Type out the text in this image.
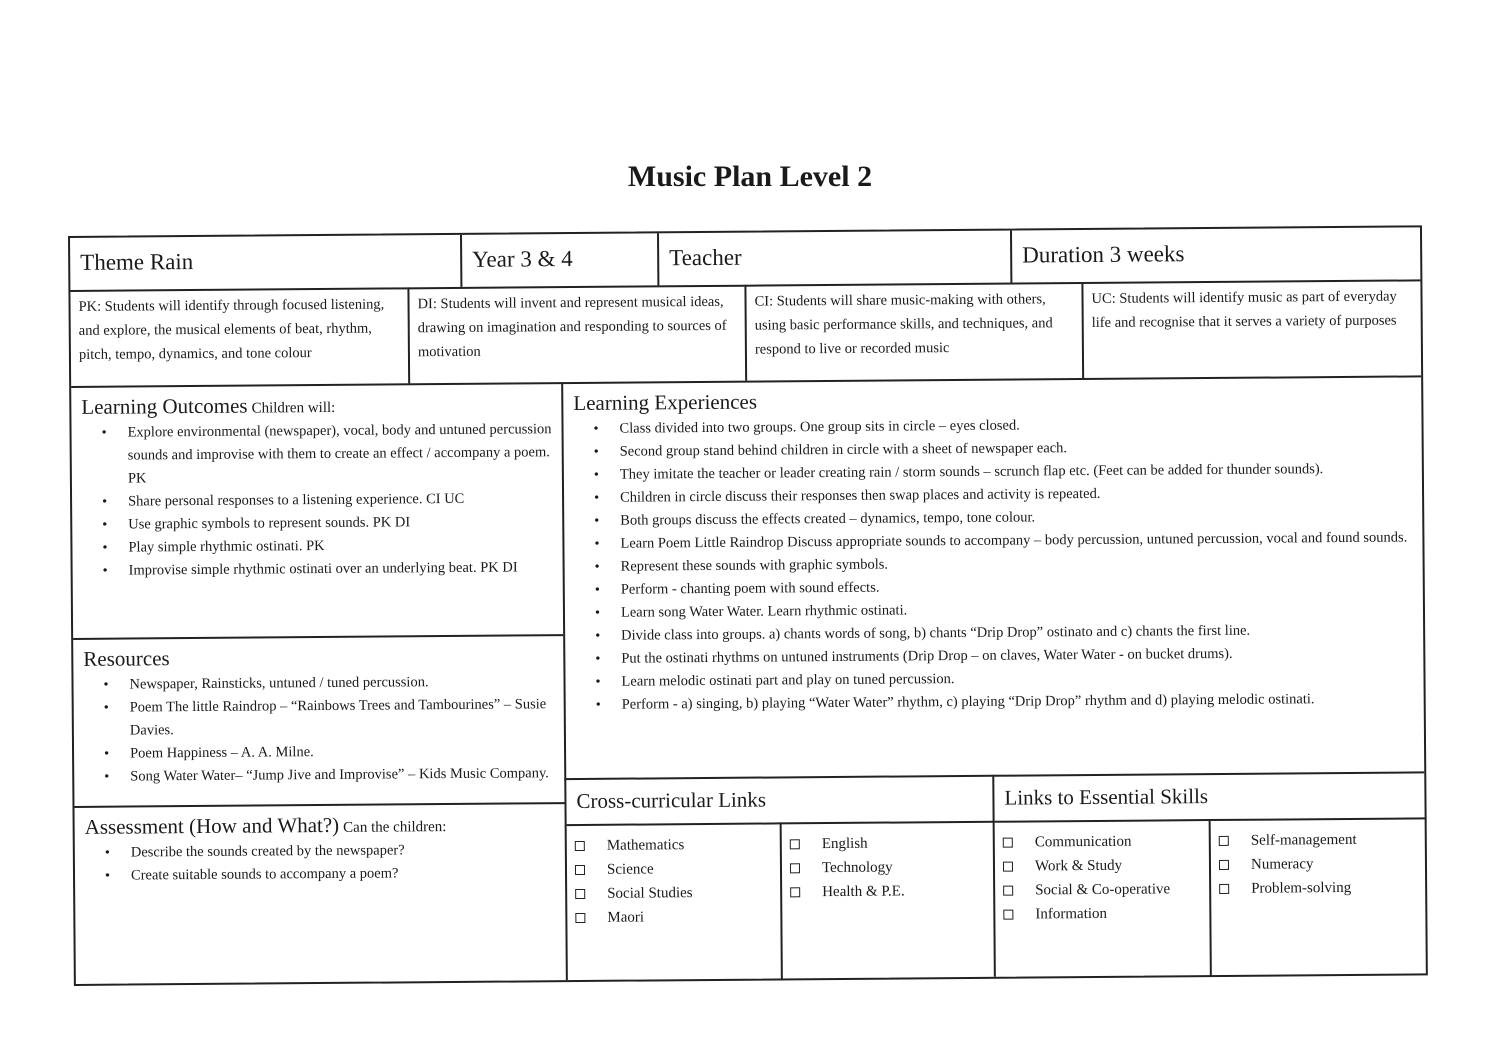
Music Plan Level 2
Theme Rain	Year 3 & 4	Teacher	Duration 3 weeks
PK: Students will identify through focused listening, and explore, the musical elements of beat, rhythm, pitch, tempo, dynamics, and tone colour
DI: Students will invent and represent musical ideas, drawing on imagination and responding to sources of motivation
CI: Students will share music-making with others, using basic performance skills, and techniques, and respond to live or recorded music
UC: Students will identify music as part of everyday life and recognise that it serves a variety of purposes
Learning Outcomes Children will:
• Explore environmental (newspaper), vocal, body and untuned percussion sounds and improvise with them to create an effect / accompany a poem. PK
• Share personal responses to a listening experience. CI UC
• Use graphic symbols to represent sounds. PK DI
• Play simple rhythmic ostinati. PK
• Improvise simple rhythmic ostinati over an underlying beat. PK DI
Resources
• Newspaper, Rainsticks, untuned / tuned percussion.
• Poem The little Raindrop – “Rainbows Trees and Tambourines” – Susie Davies.
• Poem Happiness – A. A. Milne.
• Song Water Water– “Jump Jive and Improvise” – Kids Music Company.
Assessment (How and What?) Can the children:
• Describe the sounds created by the newspaper?
• Create suitable sounds to accompany a poem?
Learning Experiences
• Class divided into two groups. One group sits in circle – eyes closed.
• Second group stand behind children in circle with a sheet of newspaper each.
• They imitate the teacher or leader creating rain / storm sounds – scrunch flap etc. (Feet can be added for thunder sounds).
• Children in circle discuss their responses then swap places and activity is repeated.
• Both groups discuss the effects created – dynamics, tempo, tone colour.
• Learn Poem Little Raindrop Discuss appropriate sounds to accompany – body percussion, untuned percussion, vocal and found sounds.
• Represent these sounds with graphic symbols.
• Perform - chanting poem with sound effects.
• Learn song Water Water. Learn rhythmic ostinati.
• Divide class into groups. a) chants words of song, b) chants “Drip Drop” ostinato and c) chants the first line.
• Put the ostinati rhythms on untuned instruments (Drip Drop – on claves, Water Water - on bucket drums).
• Learn melodic ostinati part and play on tuned percussion.
• Perform - a) singing, b) playing “Water Water” rhythm, c) playing “Drip Drop” rhythm and d) playing melodic ostinati.
Cross-curricular Links
Mathematics
Science
Social Studies
Maori
English
Technology
Health & P.E.
Links to Essential Skills
Communication
Work & Study
Social & Co-operative
Information
Self-management
Numeracy
Problem-solving
